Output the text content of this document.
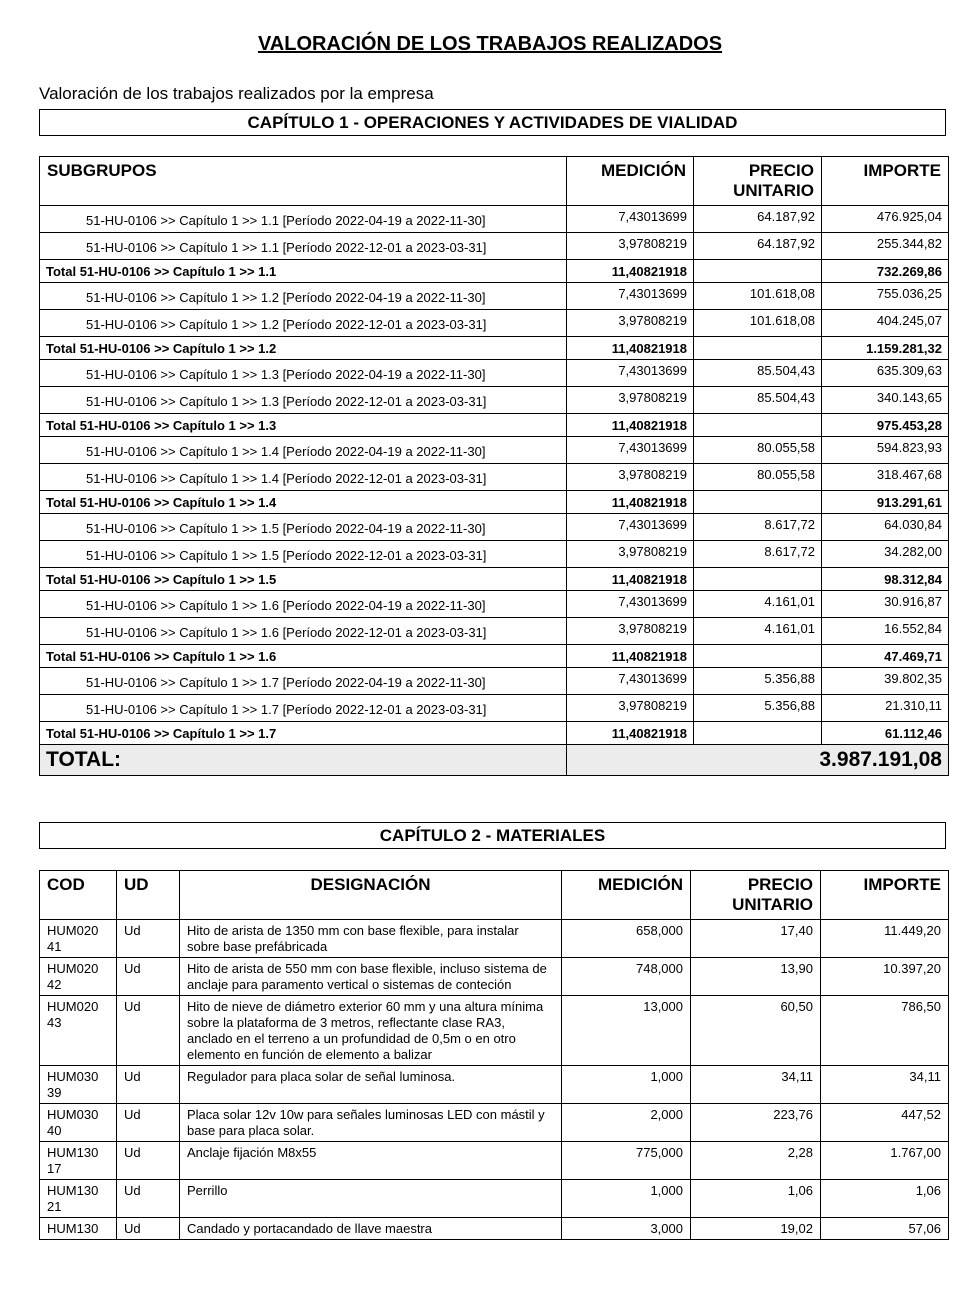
VALORACIÓN DE LOS TRABAJOS REALIZADOS
Valoración de los trabajos realizados por la empresa
CAPÍTULO 1 - OPERACIONES Y ACTIVIDADES DE VIALIDAD
SUBGRUPOS	MEDICIÓN	PRECIO UNITARIO	IMPORTE
51-HU-0106 >> Capítulo 1 >> 1.1 [Período 2022-04-19 a 2022-11-30]	7,43013699	64.187,92	476.925,04
51-HU-0106 >> Capítulo 1 >> 1.1 [Período 2022-12-01 a 2023-03-31]	3,97808219	64.187,92	255.344,82
Total 51-HU-0106 >> Capítulo 1 >> 1.1	11,40821918		732.269,86
51-HU-0106 >> Capítulo 1 >> 1.2 [Período 2022-04-19 a 2022-11-30]	7,43013699	101.618,08	755.036,25
51-HU-0106 >> Capítulo 1 >> 1.2 [Período 2022-12-01 a 2023-03-31]	3,97808219	101.618,08	404.245,07
Total 51-HU-0106 >> Capítulo 1 >> 1.2	11,40821918		1.159.281,32
51-HU-0106 >> Capítulo 1 >> 1.3 [Período 2022-04-19 a 2022-11-30]	7,43013699	85.504,43	635.309,63
51-HU-0106 >> Capítulo 1 >> 1.3 [Período 2022-12-01 a 2023-03-31]	3,97808219	85.504,43	340.143,65
Total 51-HU-0106 >> Capítulo 1 >> 1.3	11,40821918		975.453,28
51-HU-0106 >> Capítulo 1 >> 1.4 [Período 2022-04-19 a 2022-11-30]	7,43013699	80.055,58	594.823,93
51-HU-0106 >> Capítulo 1 >> 1.4 [Período 2022-12-01 a 2023-03-31]	3,97808219	80.055,58	318.467,68
Total 51-HU-0106 >> Capítulo 1 >> 1.4	11,40821918		913.291,61
51-HU-0106 >> Capítulo 1 >> 1.5 [Período 2022-04-19 a 2022-11-30]	7,43013699	8.617,72	64.030,84
51-HU-0106 >> Capítulo 1 >> 1.5 [Período 2022-12-01 a 2023-03-31]	3,97808219	8.617,72	34.282,00
Total 51-HU-0106 >> Capítulo 1 >> 1.5	11,40821918		98.312,84
51-HU-0106 >> Capítulo 1 >> 1.6 [Período 2022-04-19 a 2022-11-30]	7,43013699	4.161,01	30.916,87
51-HU-0106 >> Capítulo 1 >> 1.6 [Período 2022-12-01 a 2023-03-31]	3,97808219	4.161,01	16.552,84
Total 51-HU-0106 >> Capítulo 1 >> 1.6	11,40821918		47.469,71
51-HU-0106 >> Capítulo 1 >> 1.7 [Período 2022-04-19 a 2022-11-30]	7,43013699	5.356,88	39.802,35
51-HU-0106 >> Capítulo 1 >> 1.7 [Período 2022-12-01 a 2023-03-31]	3,97808219	5.356,88	21.310,11
Total 51-HU-0106 >> Capítulo 1 >> 1.7	11,40821918		61.112,46
TOTAL:	3.987.191,08		
CAPÍTULO 2 - MATERIALES
COD	UD	DESIGNACIÓN	MEDICIÓN	PRECIO UNITARIO	IMPORTE
HUM020 41	Ud	Hito de arista de 1350 mm con base flexible, para instalar sobre base prefábricada	658,000	17,40	11.449,20
HUM020 42	Ud	Hito de arista de 550 mm con base flexible, incluso sistema de anclaje para paramento vertical o sistemas de conteción	748,000	13,90	10.397,20
HUM020 43	Ud	Hito de nieve de diámetro exterior 60 mm y una altura mínima sobre la plataforma de 3 metros, reflectante clase RA3, anclado en el terreno a un profundidad de 0,5m o en otro elemento en función de elemento a balizar	13,000	60,50	786,50
HUM030 39	Ud	Regulador para placa solar de señal luminosa.	1,000	34,11	34,11
HUM030 40	Ud	Placa solar 12v 10w para señales luminosas LED con mástil y base para placa solar.	2,000	223,76	447,52
HUM130 17	Ud	Anclaje fijación M8x55	775,000	2,28	1.767,00
HUM130 21	Ud	Perrillo	1,000	1,06	1,06
HUM130	Ud	Candado y portacandado de llave maestra	3,000	19,02	57,06
